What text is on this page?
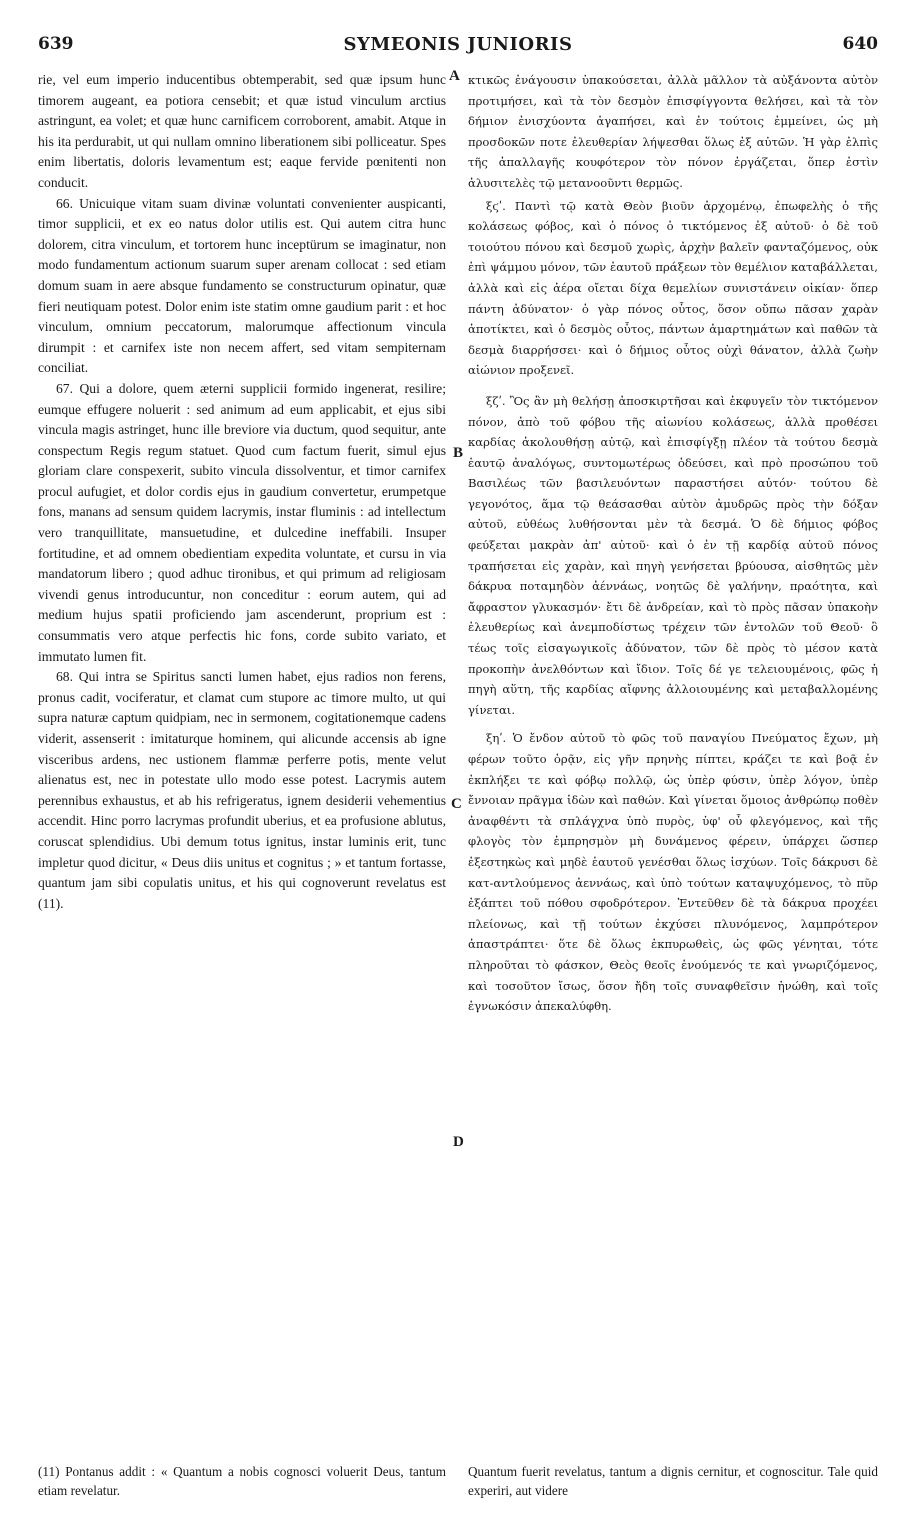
639	SYMEONIS JUNIORIS	640

rie, vel eum imperio inducentibus obtemperabit, sed quæ ipsum hunc timorem augeant, ea potiora censebit; et quæ istud vinculum arctius astringunt, ea volet; et quæ hunc carnificem corroborent, amabit. Atque in his ita perdurabit, ut qui nullam omnino liberationem sibi polliceatur. Spes enim libertatis, doloris levamentum est; eaque fervide pœnitenti non conducit.

66. Unicuique vitam suam divinæ voluntati convenienter auspicanti, timor supplicii, et ex eo natus dolor utilis est. Qui autem citra hunc dolorem, citra vinculum, et tortorem hunc inceptürum se imaginatur, non modo fundamentum actionum suarum super arenam collocat : sed etiam domum suam in aere absque fundamento se constructurum opinatur, quæ fieri neutiquam potest. Dolor enim iste statim omne gaudium parit : et hoc vinculum, omnium peccatorum, malorumque affectionum vincula dirumpit : et carnifex iste non necem affert, sed vitam sempiternam conciliat.

67. Qui a dolore, quem æterni supplicii formido ingenerat, resilire; eumque effugere noluerit : sed animum ad eum applicabit, et ejus sibi vincula magis astringet, hunc ille breviore via ductum, quod sequitur, ante conspectum Regis regum statuet. Quod cum factum fuerit, simul ejus gloriam clare conspexerit, subito vincula dissolventur, et timor carnifex procul aufugiet, et dolor cordis ejus in gaudium convertetur, erumpetque fons, manans ad sensum quidem lacrymis, instar fluminis : ad intellectum vero tranquillitate, mansuetudine, et dulcedine ineffabili. Insuper fortitudine, et ad omnem obedientiam expedita voluntate, et cursu in via mandatorum libero ; quod adhuc tironibus, et qui primum ad religiosam vivendi genus introducuntur, non conceditur : eorum autem, qui ad medium hujus spatii proficiendo jam ascenderunt, proprium est : consummatis vero atque perfectis hic fons, corde subito variato, et immutato lumen fit.

68. Qui intra se Spiritus sancti lumen habet, ejus radios non ferens, pronus cadit, vociferatur, et clamat cum stupore ac timore multo, ut qui supra naturæ captum quidpiam, nec in sermonem, cogitationemque cadens viderit, assenserit : imitaturque hominem, qui alicunde accensis ab igne visceribus ardens, nec ustionem flammæ perferre potis, mente velut alienatus est, nec in potestate ullo modo esse potest. Lacrymis autem perennibus exhaustus, et ab his refrigeratus, ignem desiderii vehementius accendit. Hinc porro lacrymas profundit uberius, et ea profusione ablutus, coruscat splendidius. Ubi demum totus ignitus, instar luminis erit, tunc impletur quod dicitur, « Deus diis unitus et cognitus ; » et tantum fortasse, quantum jam sibi copulatis unitus, et his qui cognoverunt revelatus est (11).

κτικῶς ἐνάγουσιν ὑπακούσεται, ἀλλὰ μᾶλλον τὰ αὐξάνοντα αὐτὸν προτιμήσει, καὶ τὰ τὸν δεσμὸν ἐπισφίγγοντα θελήσει, καὶ τὰ τὸν δήμιον ἐνισχύοντα ἀγαπήσει, καὶ ἐν τούτοις ἐμμείνει, ὡς μὴ προσδοκῶν ποτε ἐλευθερίαν λήψεσθαι ὅλως ἐξ αὐτῶν. Ἡ γὰρ ἐλπὶς τῆς ἀπαλλαγῆς κουφότερον τὸν πόνον ἐργάζεται, ὅπερ ἐστὶν ἀλυσιτελὲς τῷ μετανοοῦντι θερμῶς.

ξϛʹ. Παντὶ τῷ κατὰ Θεὸν βιοῦν ἀρχομένῳ, ἐπωφελὴς ὁ τῆς κολάσεως φόβος, καὶ ὁ πόνος ὁ τικτόμενος ἐξ αὐτοῦ· ὁ δὲ τοῦ τοιούτου πόνου καὶ δεσμοῦ χωρὶς, ἀρχὴν βαλεῖν φανταζόμενος, οὐκ ἐπὶ ψάμμου μόνον, τῶν ἑαυτοῦ πράξεων τὸν θεμέλιον καταβάλλεται, ἀλλὰ καὶ εἰς ἀέρα οἴεται δίχα θεμελίων συνιστάνειν οἰκίαν· ὅπερ πάντη ἀδύνατον· ὁ γὰρ πόνος οὗτος, ὅσον οὔπω πᾶσαν χαρὰν ἀποτίκτει, καὶ ὁ δεσμὸς οὗτος, πάντων ἁμαρτημάτων καὶ παθῶν τὰ δεσμὰ διαρρήσσει· καὶ ὁ δήμιος οὗτος οὐχὶ θάνατον, ἀλλὰ ζωὴν αἰώνιον προξενεῖ.

ξζʹ. Ὃς ἂν μὴ θελήσῃ ἀποσκιρτῆσαι καὶ ἐκφυγεῖν τὸν τικτόμενον πόνον, ἀπὸ τοῦ φόβου τῆς αἰωνίου κολάσεως, ἀλλὰ προθέσει καρδίας ἀκολουθήσῃ αὐτῷ, καὶ ἐπισφίγξῃ πλέον τὰ τούτου δεσμὰ ἑαυτῷ ἀναλόγως, συντομωτέρως ὁδεύσει, καὶ πρὸ προσώπου τοῦ Βασιλέως τῶν βασιλευόντων παραστήσει αὐτόν· τούτου δὲ γεγονότος, ἅμα τῷ θεάσασθαι αὐτὸν ἀμυδρῶς πρὸς τὴν δόξαν αὐτοῦ, εὐθέως λυθήσονται μὲν τὰ δεσμά. Ὁ δὲ δήμιος φόβος φεύξεται μακρὰν ἀπ' αὐτοῦ· καὶ ὁ ἐν τῇ καρδίᾳ αὐτοῦ πόνος τραπήσεται εἰς χαρὰν, καὶ πηγὴ γενήσεται βρύουσα, αἰσθητῶς μὲν δάκρυα ποταμηδὸν ἀέννάως, νοητῶς δὲ γαλήνην, πραότητα, καὶ ἄφραστον γλυκασμόν· ἔτι δὲ ἀνδρείαν, καὶ τὸ πρὸς πᾶσαν ὑπακοὴν ἐλευθερίως καὶ ἀνεμποδίστως τρέχειν τῶν ἐντολῶν τοῦ Θεοῦ· ὃ τέως τοῖς εἰσαγωγικοῖς ἀδύνατον, τῶν δὲ πρὸς τὸ μέσον κατὰ προκοπὴν ἀνελθόντων καὶ ἴδιον. Τοῖς δέ γε τελειουμένοις, φῶς ἡ πηγὴ αὕτη, τῆς καρδίας αἴφνης ἀλλοιουμένης καὶ μεταβαλλομένης γίνεται.

ξηʹ. Ὁ ἔνδον αὐτοῦ τὸ φῶς τοῦ παναγίου Πνεύματος ἔχων, μὴ φέρων τοῦτο ὁρᾷν, εἰς γῆν πρηνὴς πίπτει, κράζει τε καὶ βοᾷ ἐν ἐκπλήξει τε καὶ φόβῳ πολλῷ, ὡς ὑπὲρ φύσιν, ὑπὲρ λόγον, ὑπὲρ ἔννοιαν πρᾶγμα ἰδὼν καὶ παθών. Καὶ γίνεται ὅμοιος ἀνθρώπῳ ποθὲν ἀναφθέντι τὰ σπλάγχνα ὑπὸ πυρὸς, ὑφ' οὗ φλεγόμενος, καὶ τῆς φλογὸς τὸν ἐμπρησμὸν μὴ δυνάμενος φέρειν, ὑπάρχει ὥσπερ ἐξεστηκὼς καὶ μηδὲ ἑαυτοῦ γενέσθαι ὅλως ἰσχύων. Τοῖς δάκρυσι δὲ κατ-αντλούμενος ἀεννάως, καὶ ὑπὸ τούτων καταψυχόμενος, τὸ πῦρ ἐξάπτει τοῦ πόθου σφοδρότερον. Ἐντεῦθεν δὲ τὰ δάκρυα προχέει πλείονως, καὶ τῇ τούτων ἐκχύσει πλυνόμενος, λαμπρότερον ἀπαστράπτει· ὅτε δὲ ὅλως ἐκπυρωθεὶς, ὡς φῶς γένηται, τότε πληροῦται τὸ φάσκον, Θεὸς θεοῖς ἑνούμενός τε καὶ γνωριζόμενος, καὶ τοσοῦτον ἴσως, ὅσον ἤδη τοῖς συναφθεῖσιν ἡνώθη, καὶ τοῖς ἐγνωκόσιν ἀπεκαλύφθη.

A
B
C
D
(11) Pontanus addit : « Quantum a nobis cognosci voluerit Deus, tantum etiam revelatur.
Quantum fuerit revelatus, tantum a dignis cernitur, et cognoscitur. Tale quid experiri, aut videre
